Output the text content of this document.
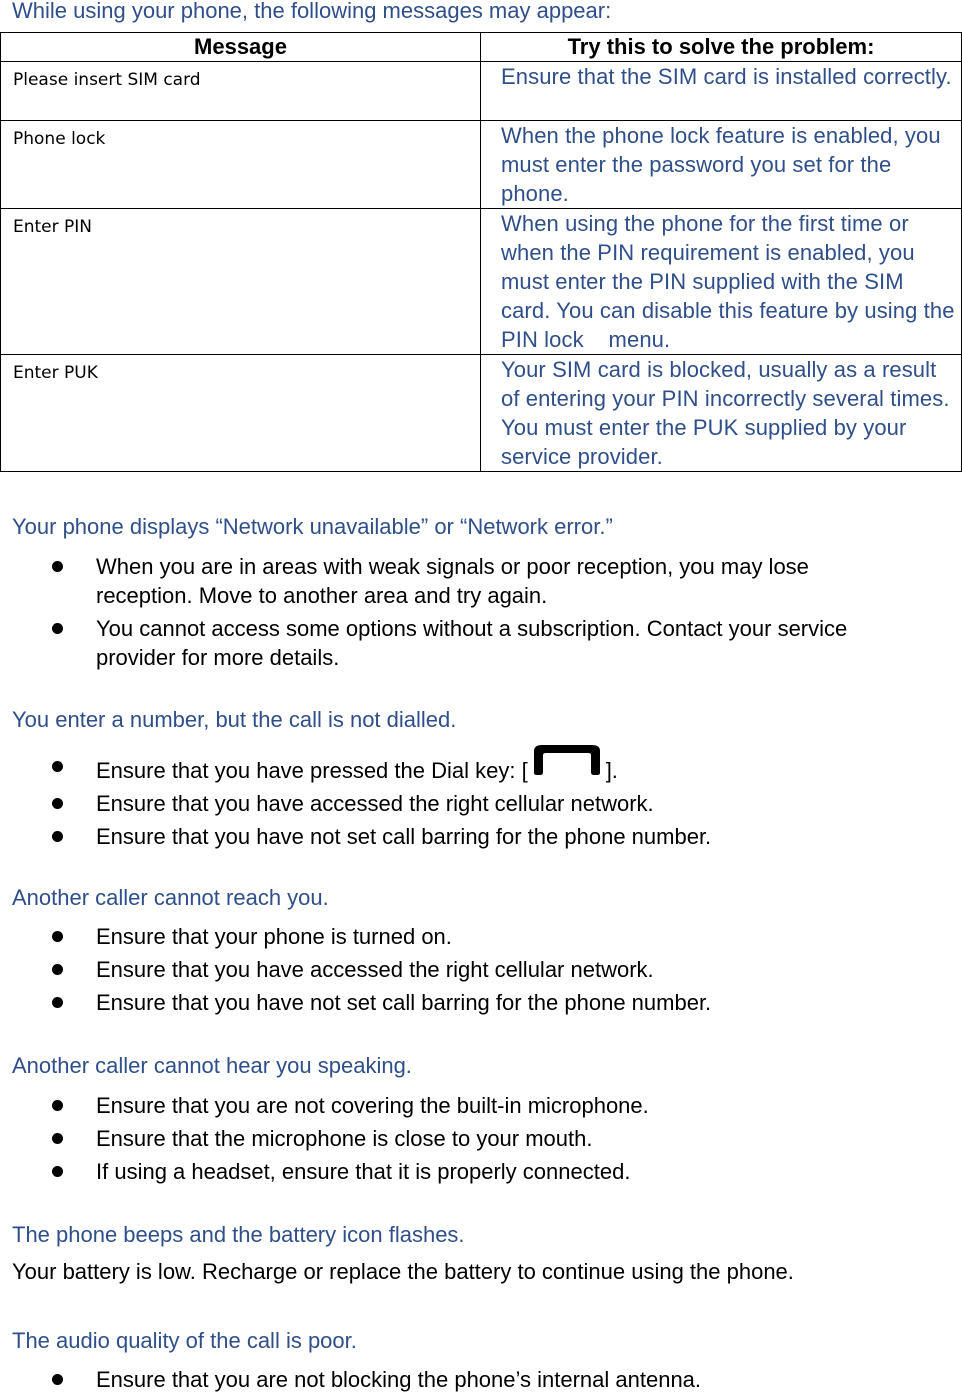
While using your phone, the following messages may appear:
Message	Try this to solve the problem:
Please insert SIM card	Ensure that the SIM card is installed correctly.
Phone lock	When the phone lock feature is enabled, you must enter the password you set for the phone.
Enter PIN	When using the phone for the first time or when the PIN requirement is enabled, you must enter the PIN supplied with the SIM card. You can disable this feature by using the PIN lock    menu.
Enter PUK	Your SIM card is blocked, usually as a result of entering your PIN incorrectly several times. You must enter the PUK supplied by your service provider.
Your phone displays “Network unavailable” or “Network error.”
When you are in areas with weak signals or poor reception, you may lose
reception. Move to another area and try again.
You cannot access some options without a subscription. Contact your service
provider for more details.
You enter a number, but the call is not dialled.
Ensure that you have pressed the Dial key: [	].
Ensure that you have accessed the right cellular network.
Ensure that you have not set call barring for the phone number.
Another caller cannot reach you.
Ensure that your phone is turned on.
Ensure that you have accessed the right cellular network.
Ensure that you have not set call barring for the phone number.
Another caller cannot hear you speaking.
Ensure that you are not covering the built-in microphone.
Ensure that the microphone is close to your mouth.
If using a headset, ensure that it is properly connected.
The phone beeps and the battery icon flashes.
Your battery is low. Recharge or replace the battery to continue using the phone.
The audio quality of the call is poor.
Ensure that you are not blocking the phone’s internal antenna.
